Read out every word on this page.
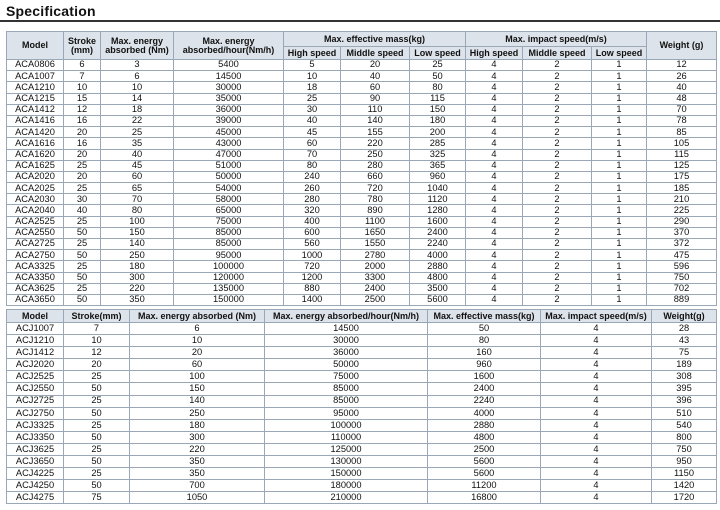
Specification
Model	Stroke (mm)	Max. energy absorbed (Nm)	Max. energy absorbed/hour(Nm/h)	Max. effective mass(kg)			Max. impact speed(m/s)			Weight (g)
				High speed	Middle speed	Low speed	High speed	Middle speed	Low speed	
ACA0806	6	3	5400	5	20	25	4	2	1	12
ACA1007	7	6	14500	10	40	50	4	2	1	26
ACA1210	10	10	30000	18	60	80	4	2	1	40
ACA1215	15	14	35000	25	90	115	4	2	1	48
ACA1412	12	18	36000	30	110	150	4	2	1	70
ACA1416	16	22	39000	40	140	180	4	2	1	78
ACA1420	20	25	45000	45	155	200	4	2	1	85
ACA1616	16	35	43000	60	220	285	4	2	1	105
ACA1620	20	40	47000	70	250	325	4	2	1	115
ACA1625	25	45	51000	80	280	365	4	2	1	125
ACA2020	20	60	50000	240	660	960	4	2	1	175
ACA2025	25	65	54000	260	720	1040	4	2	1	185
ACA2030	30	70	58000	280	780	1120	4	2	1	210
ACA2040	40	80	65000	320	890	1280	4	2	1	225
ACA2525	25	100	75000	400	1100	1600	4	2	1	290
ACA2550	50	150	85000	600	1650	2400	4	2	1	370
ACA2725	25	140	85000	560	1550	2240	4	2	1	372
ACA2750	50	250	95000	1000	2780	4000	4	2	1	475
ACA3325	25	180	100000	720	2000	2880	4	2	1	596
ACA3350	50	300	120000	1200	3300	4800	4	2	1	750
ACA3625	25	220	135000	880	2400	3500	4	2	1	702
ACA3650	50	350	150000	1400	2500	5600	4	2	1	889
Model	Stroke(mm)	Max. energy absorbed (Nm)	Max. energy absorbed/hour(Nm/h)	Max. effective mass(kg)	Max. impact speed(m/s)	Weight(g)
ACJ1007	7	6	14500	50	4	28
ACJ1210	10	10	30000	80	4	43
ACJ1412	12	20	36000	160	4	75
ACJ2020	20	60	50000	960	4	189
ACJ2525	25	100	75000	1600	4	308
ACJ2550	50	150	85000	2400	4	395
ACJ2725	25	140	85000	2240	4	396
ACJ2750	50	250	95000	4000	4	510
ACJ3325	25	180	100000	2880	4	540
ACJ3350	50	300	110000	4800	4	800
ACJ3625	25	220	125000	2500	4	750
ACJ3650	50	350	130000	5600	4	950
ACJ4225	25	350	150000	5600	4	1150
ACJ4250	50	700	180000	11200	4	1420
ACJ4275	75	1050	210000	16800	4	1720
